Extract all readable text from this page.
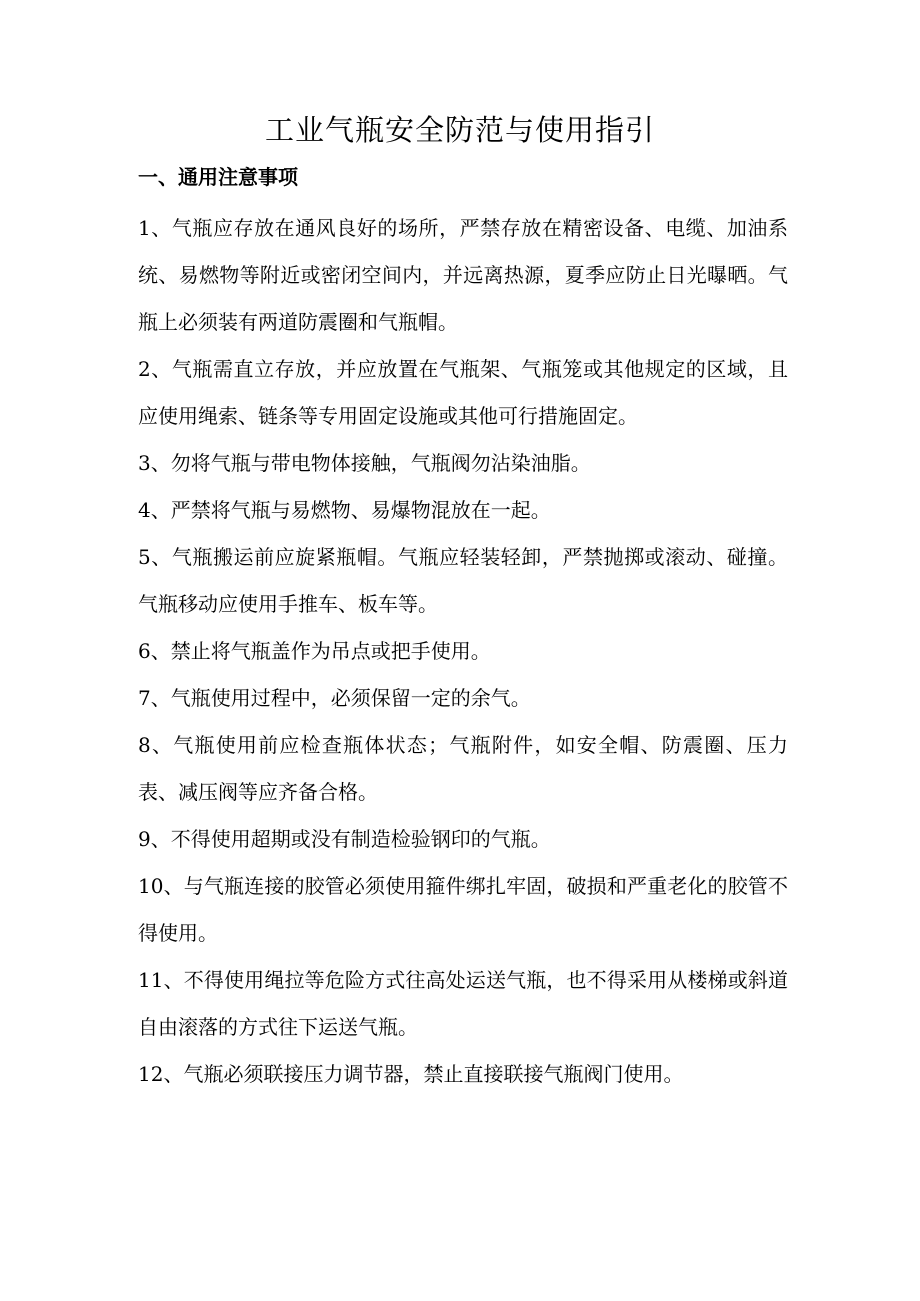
工业气瓶安全防范与使用指引
一、通用注意事项

1、气瓶应存放在通风良好的场所，严禁存放在精密设备、电缆、加油系统、易燃物等附近或密闭空间内，并远离热源，夏季应防止日光曝晒。气瓶上必须装有两道防震圈和气瓶帽。

2、气瓶需直立存放，并应放置在气瓶架、气瓶笼或其他规定的区域，且应使用绳索、链条等专用固定设施或其他可行措施固定。

3、勿将气瓶与带电物体接触，气瓶阀勿沾染油脂。

4、严禁将气瓶与易燃物、易爆物混放在一起。

5、气瓶搬运前应旋紧瓶帽。气瓶应轻装轻卸，严禁抛掷或滚动、碰撞。气瓶移动应使用手推车、板车等。

6、禁止将气瓶盖作为吊点或把手使用。

7、气瓶使用过程中，必须保留一定的余气。

8、气瓶使用前应检查瓶体状态；气瓶附件，如安全帽、防震圈、压力表、减压阀等应齐备合格。

9、不得使用超期或没有制造检验钢印的气瓶。

10、与气瓶连接的胶管必须使用箍件绑扎牢固，破损和严重老化的胶管不得使用。

11、不得使用绳拉等危险方式往高处运送气瓶，也不得采用从楼梯或斜道自由滚落的方式往下运送气瓶。

12、气瓶必须联接压力调节器，禁止直接联接气瓶阀门使用。
